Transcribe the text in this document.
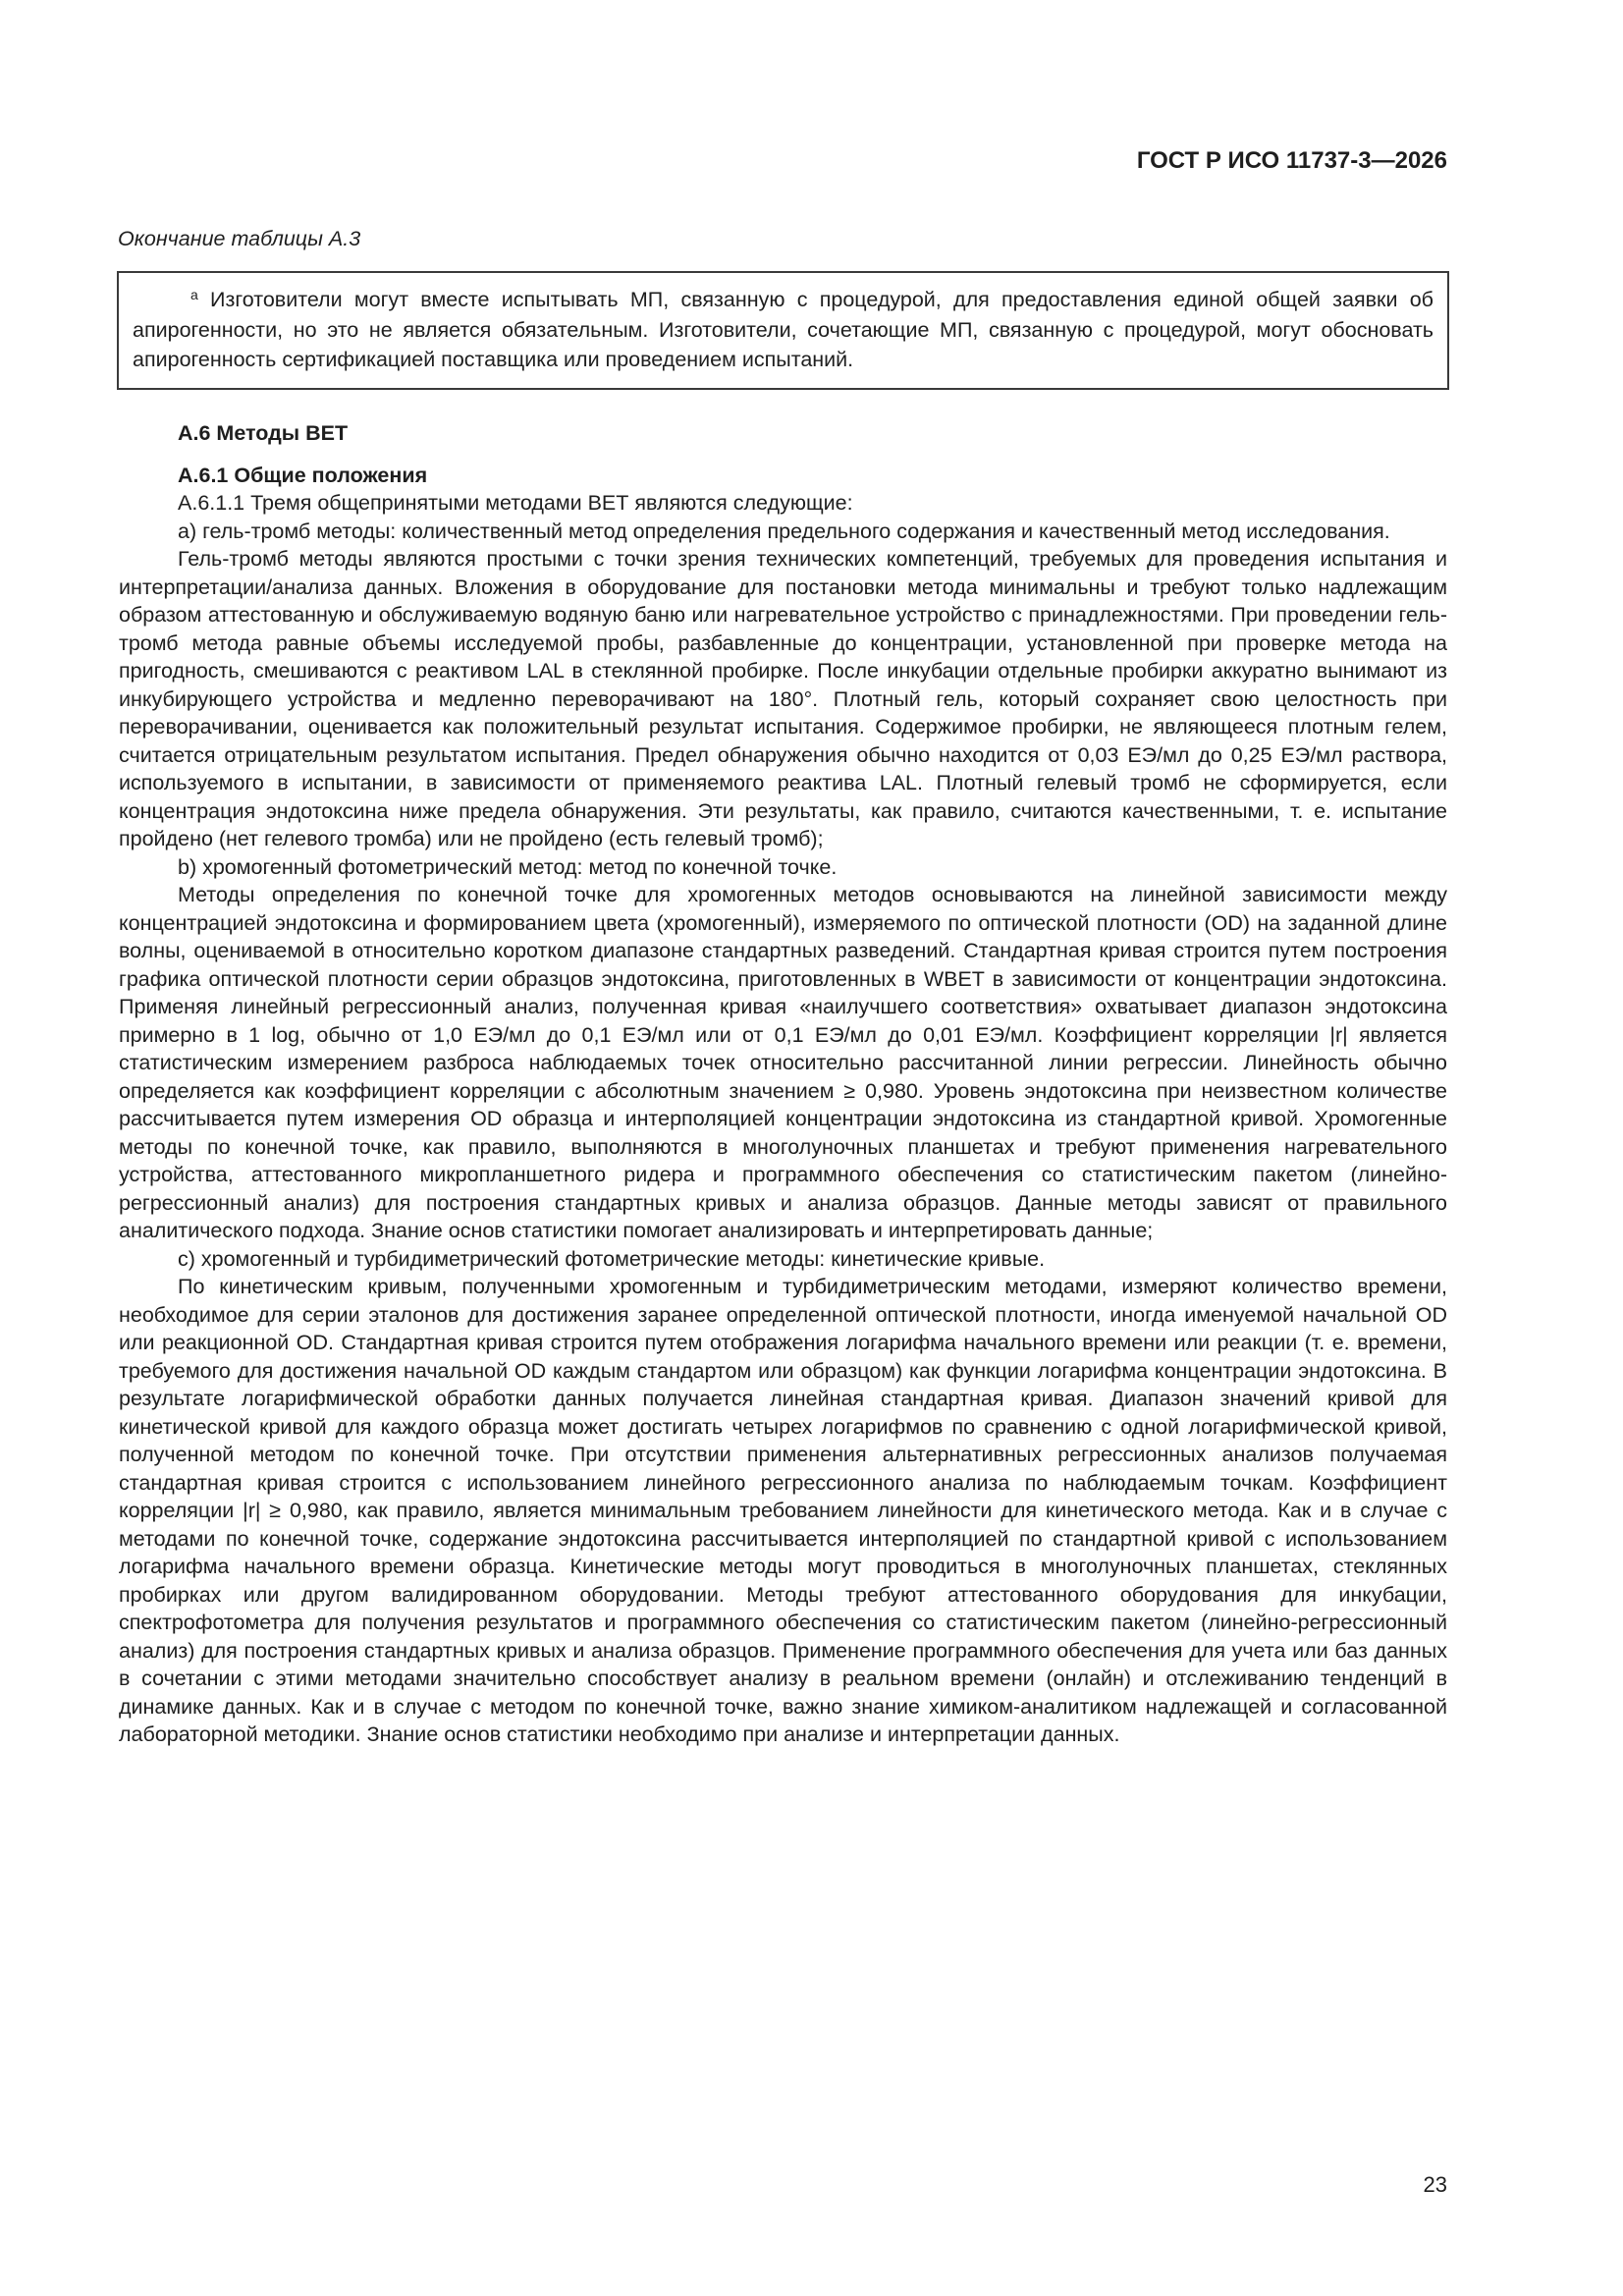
ГОСТ Р ИСО 11737-3—2026
Окончание таблицы А.3
$^а$ Изготовители могут вместе испытывать МП, связанную с процедурой, для предоставления единой общей заявки об апирогенности, но это не является обязательным. Изготовители, сочетающие МП, связанную с процедурой, могут обосновать апирогенность сертификацией поставщика или проведением испытаний.

А.6 Методы ВЕТ

А.6.1 Общие положения

А.6.1.1 Тремя общепринятыми методами ВЕТ являются следующие:

а) гель-тромб методы: количественный метод определения предельного содержания и качественный метод исследования.

Гель-тромб методы являются простыми с точки зрения технических компетенций, требуемых для проведения испытания и интерпретации/анализа данных. Вложения в оборудование для постановки метода минимальны и требуют только надлежащим образом аттестованную и обслуживаемую водяную баню или нагревательное устройство с принадлежностями. При проведении гель-тромб метода равные объемы исследуемой пробы, разбавленные до концентрации, установленной при проверке метода на пригодность, смешиваются с реактивом LAL в стеклянной пробирке. После инкубации отдельные пробирки аккуратно вынимают из инкубирующего устройства и медленно переворачивают на 180°. Плотный гель, который сохраняет свою целостность при переворачивании, оценивается как положительный результат испытания. Содержимое пробирки, не являющееся плотным гелем, считается отрицательным результатом испытания. Предел обнаружения обычно находится от 0,03 ЕЭ/мл до 0,25 ЕЭ/мл раствора, используемого в испытании, в зависимости от применяемого реактива LAL. Плотный гелевый тромб не сформируется, если концентрация эндотоксина ниже предела обнаружения. Эти результаты, как правило, считаются качественными, т. е. испытание пройдено (нет гелевого тромба) или не пройдено (есть гелевый тромб);

b) хромогенный фотометрический метод: метод по конечной точке.

Методы определения по конечной точке для хромогенных методов основываются на линейной зависимости между концентрацией эндотоксина и формированием цвета (хромогенный), измеряемого по оптической плотности (OD) на заданной длине волны, оцениваемой в относительно коротком диапазоне стандартных разведений. Стандартная кривая строится путем построения графика оптической плотности серии образцов эндотоксина, приготовленных в WBET в зависимости от концентрации эндотоксина. Применяя линейный регрессионный анализ, полученная кривая «наилучшего соответствия» охватывает диапазон эндотоксина примерно в 1 log, обычно от 1,0 ЕЭ/мл до 0,1 ЕЭ/мл или от 0,1 ЕЭ/мл до 0,01 ЕЭ/мл. Коэффициент корреляции |r| является статистическим измерением разброса наблюдаемых точек относительно рассчитанной линии регрессии. Линейность обычно определяется как коэффициент корреляции с абсолютным значением ≥ 0,980. Уровень эндотоксина при неизвестном количестве рассчитывается путем измерения OD образца и интерполяцией концентрации эндотоксина из стандартной кривой. Хромогенные методы по конечной точке, как правило, выполняются в многолуночных планшетах и требуют применения нагревательного устройства, аттестованного микропланшетного ридера и программного обеспечения со статистическим пакетом (линейно-регрессионный анализ) для построения стандартных кривых и анализа образцов. Данные методы зависят от правильного аналитического подхода. Знание основ статистики помогает анализировать и интерпретировать данные;

c) хромогенный и турбидиметрический фотометрические методы: кинетические кривые.

По кинетическим кривым, полученными хромогенным и турбидиметрическим методами, измеряют количество времени, необходимое для серии эталонов для достижения заранее определенной оптической плотности, иногда именуемой начальной OD или реакционной OD. Стандартная кривая строится путем отображения логарифма начального времени или реакции (т. е. времени, требуемого для достижения начальной OD каждым стандартом или образцом) как функции логарифма концентрации эндотоксина. В результате логарифмической обработки данных получается линейная стандартная кривая. Диапазон значений кривой для кинетической кривой для каждого образца может достигать четырех логарифмов по сравнению с одной логарифмической кривой, полученной методом по конечной точке. При отсутствии применения альтернативных регрессионных анализов получаемая стандартная кривая строится с использованием линейного регрессионного анализа по наблюдаемым точкам. Коэффициент корреляции |r| ≥ 0,980, как правило, является минимальным требованием линейности для кинетического метода. Как и в случае с методами по конечной точке, содержание эндотоксина рассчитывается интерполяцией по стандартной кривой с использованием логарифма начального времени образца. Кинетические методы могут проводиться в многолуночных планшетах, стеклянных пробирках или другом валидированном оборудовании. Методы требуют аттестованного оборудования для инкубации, спектрофотометра для получения результатов и программного обеспечения со статистическим пакетом (линейно-регрессионный анализ) для построения стандартных кривых и анализа образцов. Применение программного обеспечения для учета или баз данных в сочетании с этими методами значительно способствует анализу в реальном времени (онлайн) и отслеживанию тенденций в динамике данных. Как и в случае с методом по конечной точке, важно знание химиком-аналитиком надлежащей и согласованной лабораторной методики. Знание основ статистики необходимо при анализе и интерпретации данных.

23
